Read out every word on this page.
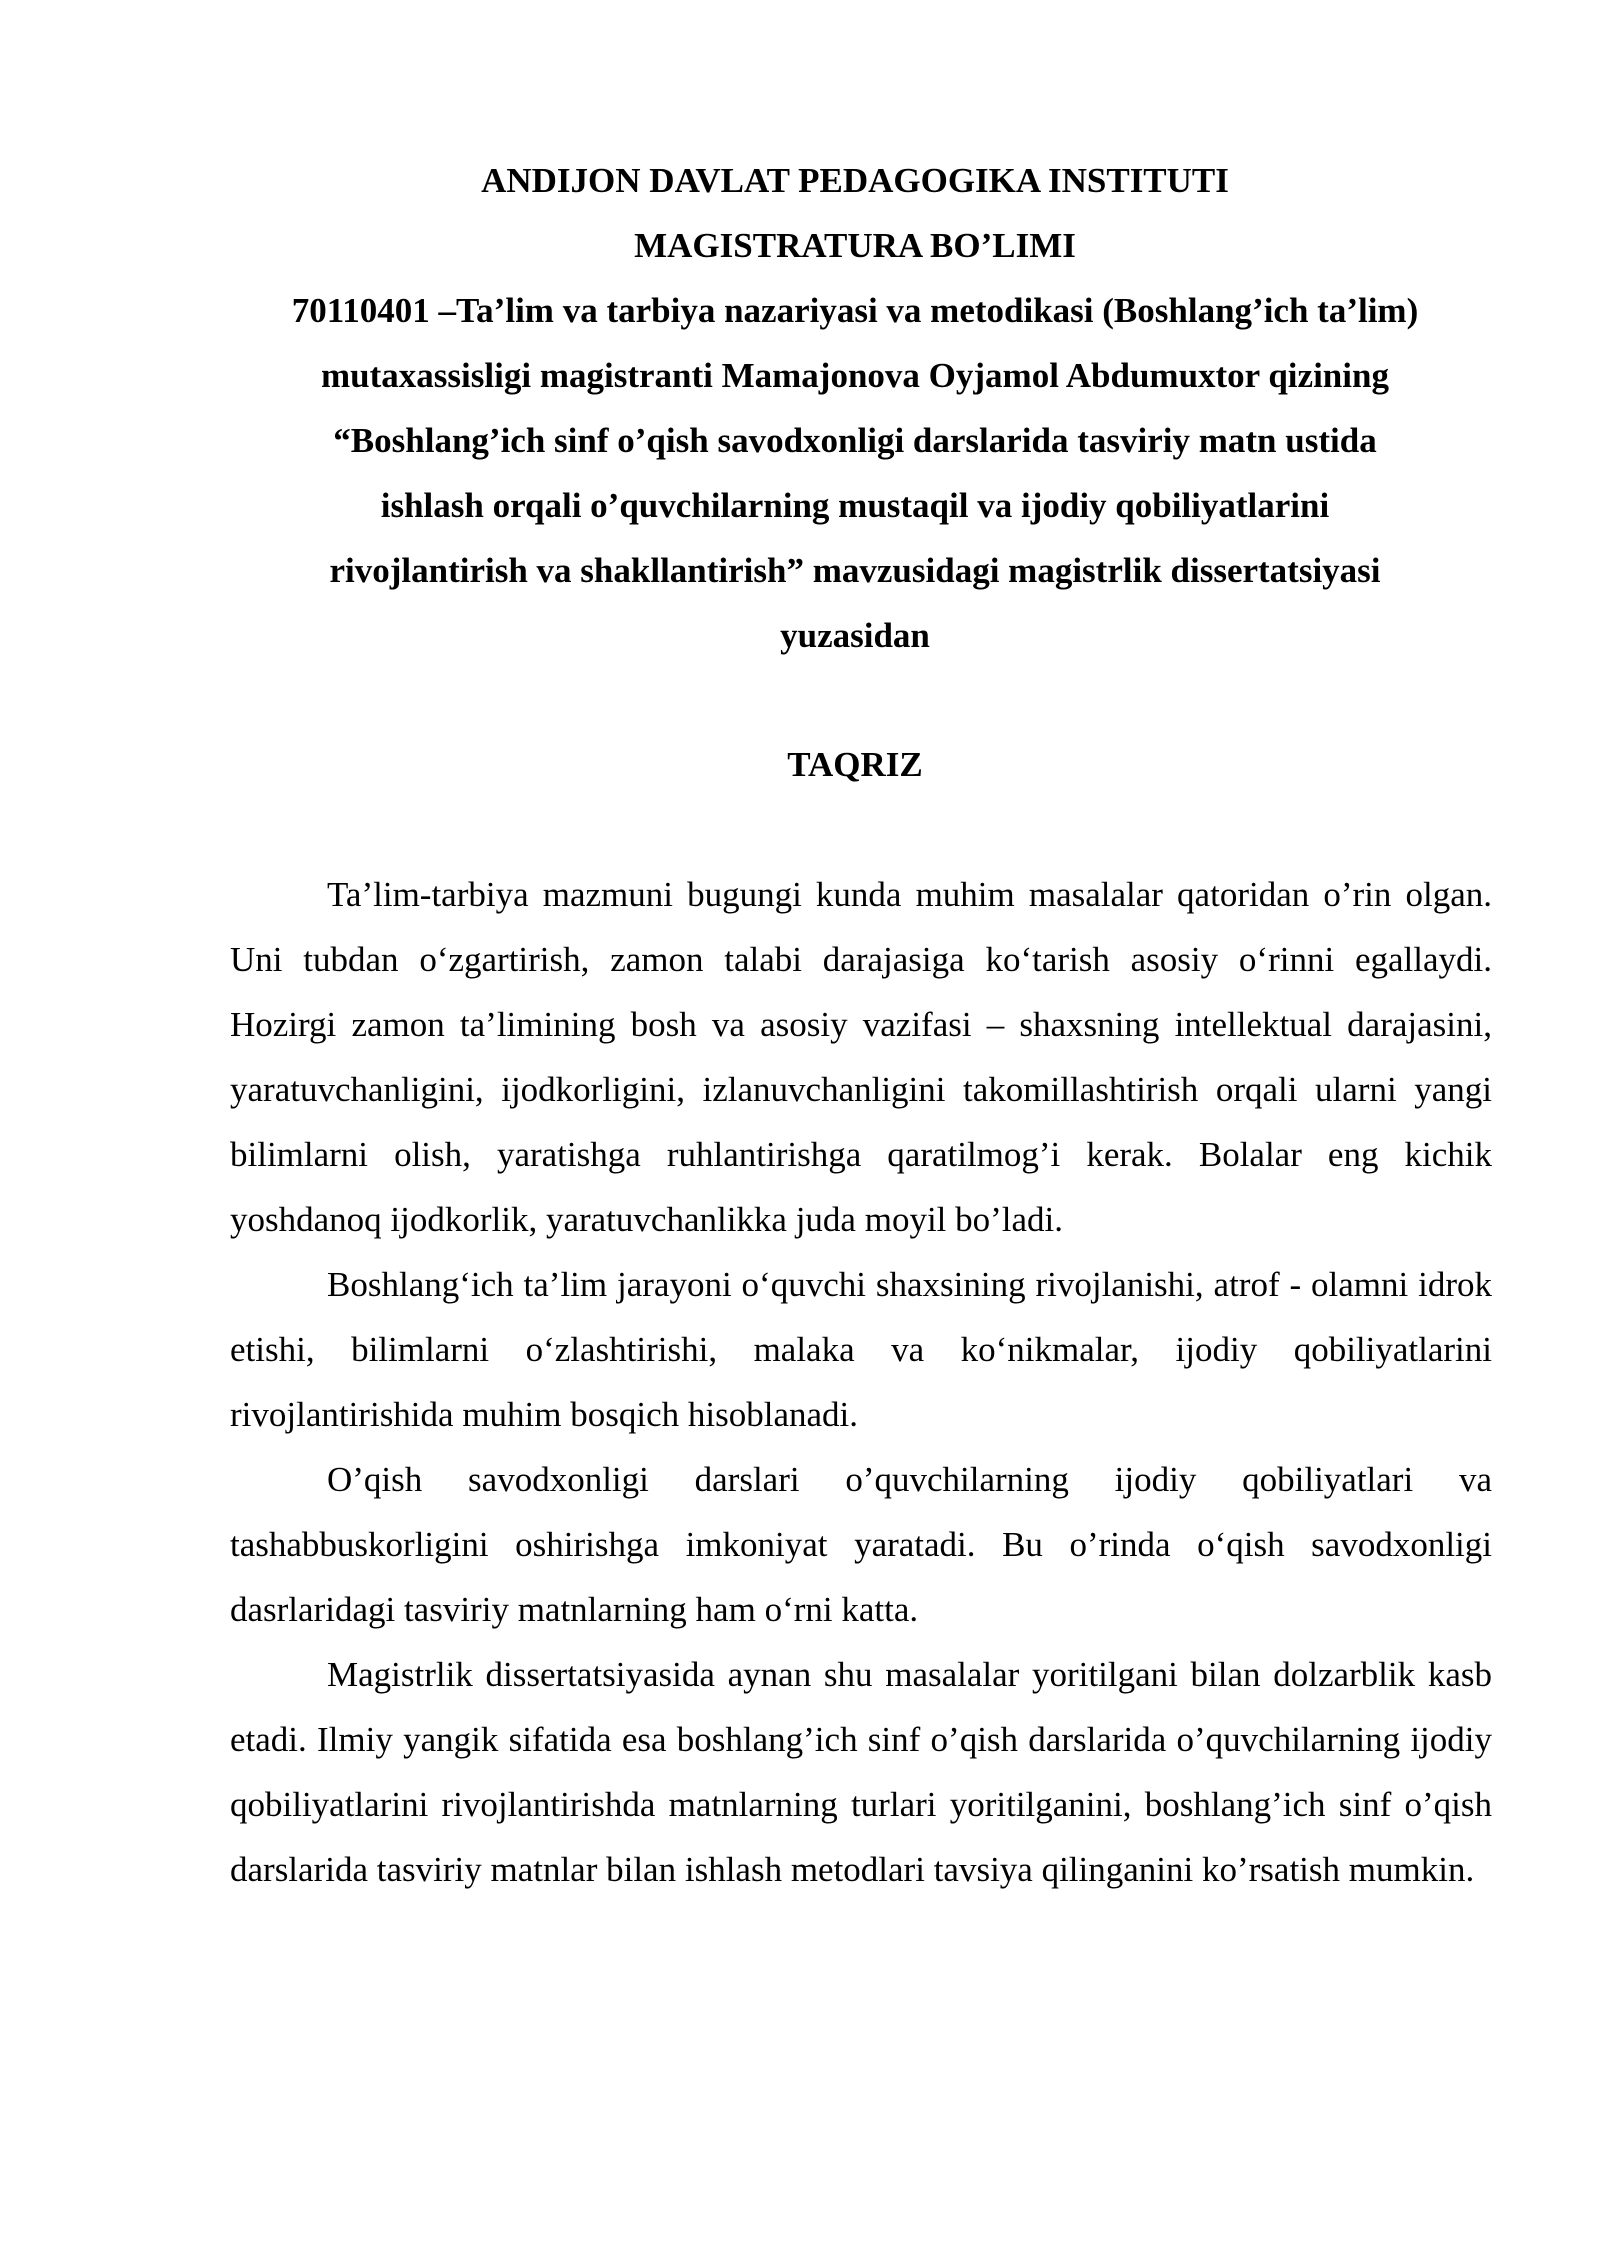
ANDIJON DAVLAT PEDAGOGIKA INSTITUTI
MAGISTRATURA BO’LIMI
70110401 –Ta’lim va tarbiya nazariyasi va metodikasi (Boshlang’ich ta’lim)
mutaxassisligi magistranti Mamajonova Oyjamol Abdumuxtor qizining
“Boshlang’ich sinf o’qish savodxonligi darslarida tasviriy matn ustida
ishlash orqali o’quvchilarning mustaqil va ijodiy qobiliyatlarini
rivojlantirish va shakllantirish” mavzusidagi magistrlik dissertatsiyasi
yuzasidan
TAQRIZ

Ta’lim-tarbiya mazmuni bugungi kunda muhim masalalar qatoridan o’rin olgan. Uni tubdan o‘zgartirish, zamon talabi darajasiga ko‘tarish asosiy o‘rinni egallaydi. Hozirgi zamon ta’limining bosh va asosiy vazifasi – shaxsning intellektual darajasini, yaratuvchanligini, ijodkorligini, izlanuvchanligini takomillashtirish orqali ularni yangi bilimlarni olish, yaratishga ruhlantirishga qaratilmog’i kerak. Bolalar eng kichik yoshdanoq ijodkorlik, yaratuvchanlikka juda moyil bo’ladi.

Boshlang‘ich ta’lim jarayoni o‘quvchi shaxsining rivojlanishi, atrof - olamni idrok etishi, bilimlarni o‘zlashtirishi, malaka va ko‘nikmalar, ijodiy qobiliyatlarini rivojlantirishida muhim bosqich hisoblanadi.

O’qish savodxonligi darslari o’quvchilarning ijodiy qobiliyatlari va tashabbuskorligini oshirishga imkoniyat yaratadi. Bu o’rinda o‘qish savodxonligi dasrlaridagi tasviriy matnlarning ham o‘rni katta.

Magistrlik dissertatsiyasida aynan shu masalalar yoritilgani bilan dolzarblik kasb etadi. Ilmiy yangik sifatida esa boshlang’ich sinf o’qish darslarida o’quvchilarning ijodiy qobiliyatlarini rivojlantirishda matnlarning turlari yoritilganini, boshlang’ich sinf o’qish darslarida tasviriy matnlar bilan ishlash metodlari tavsiya qilinganini ko’rsatish mumkin.
